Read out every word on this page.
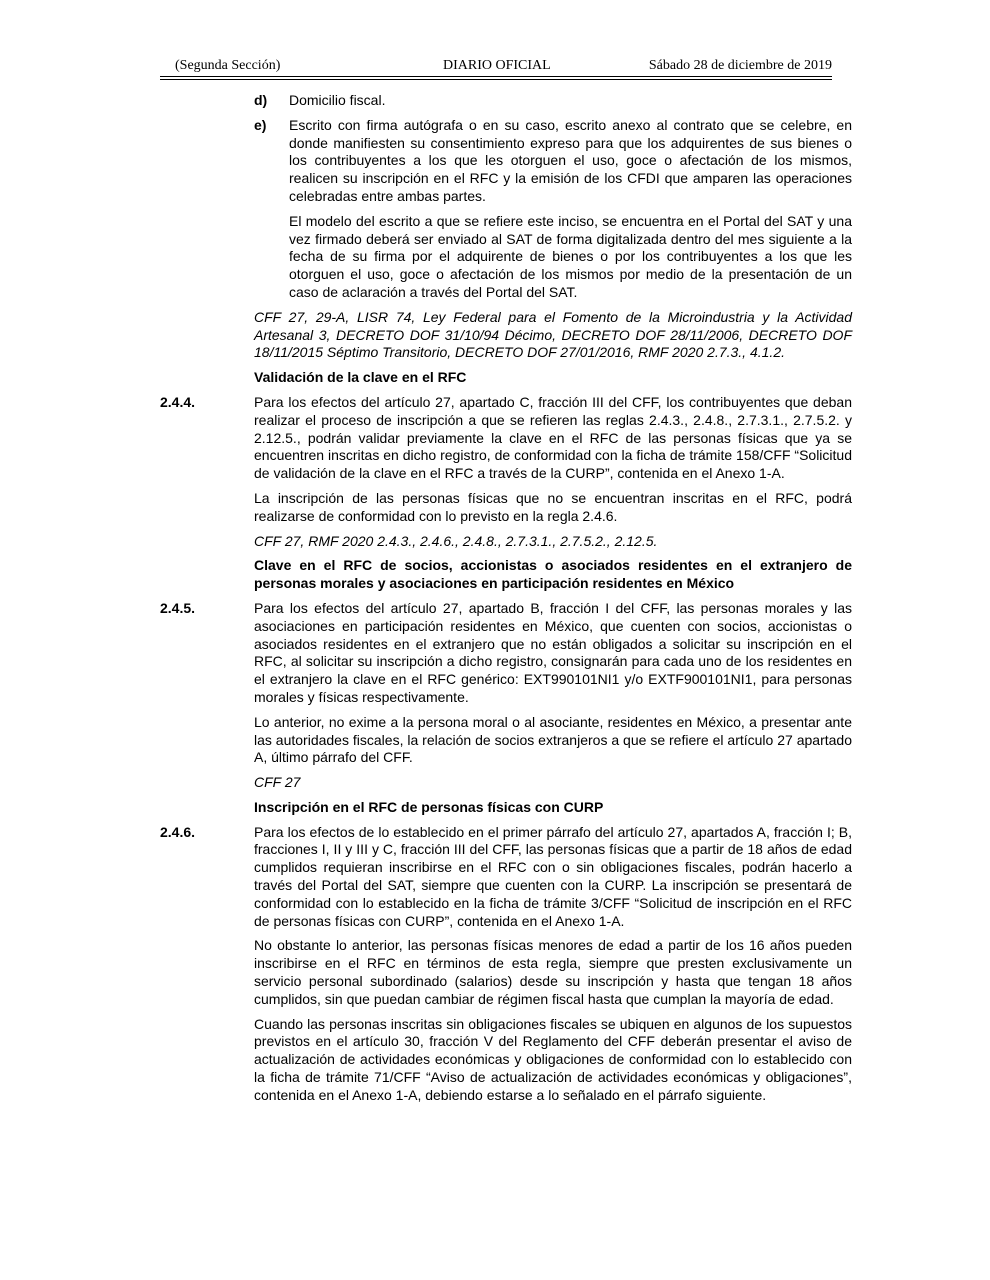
(Segunda Sección)	DIARIO OFICIAL	Sábado 28 de diciembre de 2019
d)	Domicilio fiscal.
e)	Escrito con firma autógrafa o en su caso, escrito anexo al contrato que se celebre, en donde manifiesten su consentimiento expreso para que los adquirentes de sus bienes o los contribuyentes a los que les otorguen el uso, goce o afectación de los mismos, realicen su inscripción en el RFC y la emisión de los CFDI que amparen las operaciones celebradas entre ambas partes.
El modelo del escrito a que se refiere este inciso, se encuentra en el Portal del SAT y una vez firmado deberá ser enviado al SAT de forma digitalizada dentro del mes siguiente a la fecha de su firma por el adquirente de bienes o por los contribuyentes a los que les otorguen el uso, goce o afectación de los mismos por medio de la presentación de un caso de aclaración a través del Portal del SAT.
CFF 27, 29-A, LISR 74, Ley Federal para el Fomento de la Microindustria y la Actividad Artesanal 3, DECRETO DOF 31/10/94 Décimo, DECRETO DOF 28/11/2006, DECRETO DOF 18/11/2015 Séptimo Transitorio, DECRETO DOF 27/01/2016, RMF 2020 2.7.3., 4.1.2.
Validación de la clave en el RFC
2.4.4.	Para los efectos del artículo 27, apartado C, fracción III del CFF, los contribuyentes que deban realizar el proceso de inscripción a que se refieren las reglas 2.4.3., 2.4.8., 2.7.3.1., 2.7.5.2. y 2.12.5., podrán validar previamente la clave en el RFC de las personas físicas que ya se encuentren inscritas en dicho registro, de conformidad con la ficha de trámite 158/CFF “Solicitud de validación de la clave en el RFC a través de la CURP”, contenida en el Anexo 1-A.
La inscripción de las personas físicas que no se encuentran inscritas en el RFC, podrá realizarse de conformidad con lo previsto en la regla 2.4.6.
CFF 27, RMF 2020 2.4.3., 2.4.6., 2.4.8., 2.7.3.1., 2.7.5.2., 2.12.5.
Clave en el RFC de socios, accionistas o asociados residentes en el extranjero de personas morales y asociaciones en participación residentes en México
2.4.5.	Para los efectos del artículo 27, apartado B, fracción I del CFF, las personas morales y las asociaciones en participación residentes en México, que cuenten con socios, accionistas o asociados residentes en el extranjero que no están obligados a solicitar su inscripción en el RFC, al solicitar su inscripción a dicho registro, consignarán para cada uno de los residentes en el extranjero la clave en el RFC genérico: EXT990101NI1 y/o EXTF900101NI1, para personas morales y físicas respectivamente.
Lo anterior, no exime a la persona moral o al asociante, residentes en México, a presentar ante las autoridades fiscales, la relación de socios extranjeros a que se refiere el artículo 27 apartado A, último párrafo del CFF.
CFF 27
Inscripción en el RFC de personas físicas con CURP
2.4.6.	Para los efectos de lo establecido en el primer párrafo del artículo 27, apartados A, fracción I; B, fracciones I, II y III y C, fracción III del CFF, las personas físicas que a partir de 18 años de edad cumplidos requieran inscribirse en el RFC con o sin obligaciones fiscales, podrán hacerlo a través del Portal del SAT, siempre que cuenten con la CURP. La inscripción se presentará de conformidad con lo establecido en la ficha de trámite 3/CFF “Solicitud de inscripción en el RFC de personas físicas con CURP”, contenida en el Anexo 1-A.
No obstante lo anterior, las personas físicas menores de edad a partir de los 16 años pueden inscribirse en el RFC en términos de esta regla, siempre que presten exclusivamente un servicio personal subordinado (salarios) desde su inscripción y hasta que tengan 18 años cumplidos, sin que puedan cambiar de régimen fiscal hasta que cumplan la mayoría de edad.
Cuando las personas inscritas sin obligaciones fiscales se ubiquen en algunos de los supuestos previstos en el artículo 30, fracción V del Reglamento del CFF deberán presentar el aviso de actualización de actividades económicas y obligaciones de conformidad con lo establecido con la ficha de trámite 71/CFF “Aviso de actualización de actividades económicas y obligaciones”, contenida en el Anexo 1-A, debiendo estarse a lo señalado en el párrafo siguiente.
